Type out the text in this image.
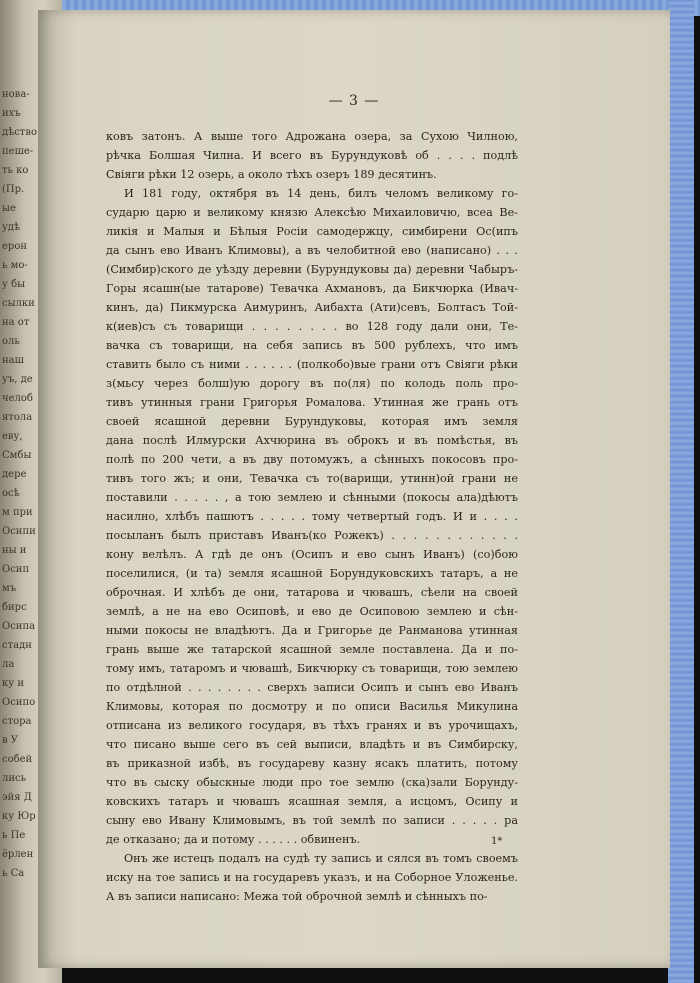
нова-
ихъ
дѣство
пеше-
ть ко
(Пр.
ые
удѣ
ерон
ь мо-
у бы
сылки
на от
оль
наш
уъ, де
челоб
ятола
еву,
Смбы
дере
осѣ
м при
Оснпи
ны и
Осип
мъ
бирс
Осипа
стадн
ла
ку и
Осипо
стора
в У
собей
лись
эйя Д
ку Юр
ь Пе
ёрлен
ь Са
— 3 —
ковъ затонъ. А выше того Адрожана озера, за Сухою Чилною,
рѣчка Болшая Чилна. И всего въ Бурундуковѣ об . . . . подлѣ
Свіяги рѣки 12 озерь, а около тѣхъ озеръ 189 десятинъ.
И 181 году, октября въ 14 день, билъ челомъ великому го-
сударю царю и великому князю Алексѣю Михаиловичю, всеа Ве-
ликія и Малыя и Бѣлыя Росіи самодержцу, симбирени Ос(ипъ
да сынъ ево Иванъ Климовы), а въ челобитной ево (написано) . . .
(Симбир)ского де уѣзду деревни (Бурундуковы да) деревни Чабыръ-
Горы ясашн(ые татарове) Тевачка Ахмановъ, да Бикчюрка (Ивач-
кинъ, да) Пикмурска Аимуринъ, Аибахта (Ати)севъ, Болтасъ Той-
к(иев)съ съ товарищи . . . . . . . . во 128 году дали они, Те-
вачка съ товарищи, на себя запись въ 500 рублехъ, что имъ
ставить было съ ними . . . . . . (полкобо)вые грани отъ Свіяги рѣки
з(мьсу через болш)ую дорогу въ по(ля) по колодь поль про-
тивъ утинныя грани Григорья Ромалова. Утинная же грань отъ
своей ясашной деревни Бурундуковы, которая имъ земля
дана послѣ Илмурски Ахчюрина въ оброкъ и въ помѣстья, въ
полѣ по 200 чети, а въ дву потомужъ, а сѣнныхъ покосовъ про-
тивъ того жъ; и они, Тевачка съ то(варищи, утинн)ой грани не
поставили . . . . . , а тою землею и сѣнными (покосы ала)дѣютъ
насилно, хлѣбъ пашютъ . . . . . тому четвертый годъ. И и . . . .
посыланъ былъ приставъ Иванъ(ко Рожекъ) . . . . . . . . . . . .
кону велѣлъ. А гдѣ де онъ (Осипъ и ево сынъ Иванъ) (со)бою
поселилися, (и та) земля ясашной Борундуковскихъ татаръ, а не
оброчная. И хлѣбъ де они, татарова и чювашъ, сѣели на своей
землѣ, а не на ево Осиповѣ, и ево де Осиповою землею и сѣн-
ными покосы не владѣютъ. Да и Григорье де Ранманова утинная
грань выше же татарской ясашной земле поставлена. Да и по-
тому имъ, татаромъ и чювашѣ, Бикчюрку съ товарищи, тою землею
по отдѣлной . . . . . . . . сверхъ записи Осипъ и сынъ ево Иванъ
Климовы, которая по досмотру и по описи Василья Микулина
отписана из великого государя, въ тѣхъ гранях и въ урочищахъ,
что писано выше сего въ сей выписи, владѣть и въ Симбирску,
въ приказной избѣ, въ государеву казну ясакъ платить, потому
что въ сыску обыскные люди про тое землю (ска)зали Борунду-
ковскихъ татаръ и чювашъ ясашная земля, а исцомъ, Осипу и
сыну ево Ивану Климовымъ, въ той землѣ по записи . . . . . ра
де отказано; да и потому . . . . . . обвиненъ.
Онъ же истецъ подалъ на судѣ ту запись и сялся въ томъ своемъ
иску на тое запись и на государевъ указъ, и на Соборное Уложенье.
А въ записи написано: Межа той оброчной землѣ и сѣнныхъ по-
1*
